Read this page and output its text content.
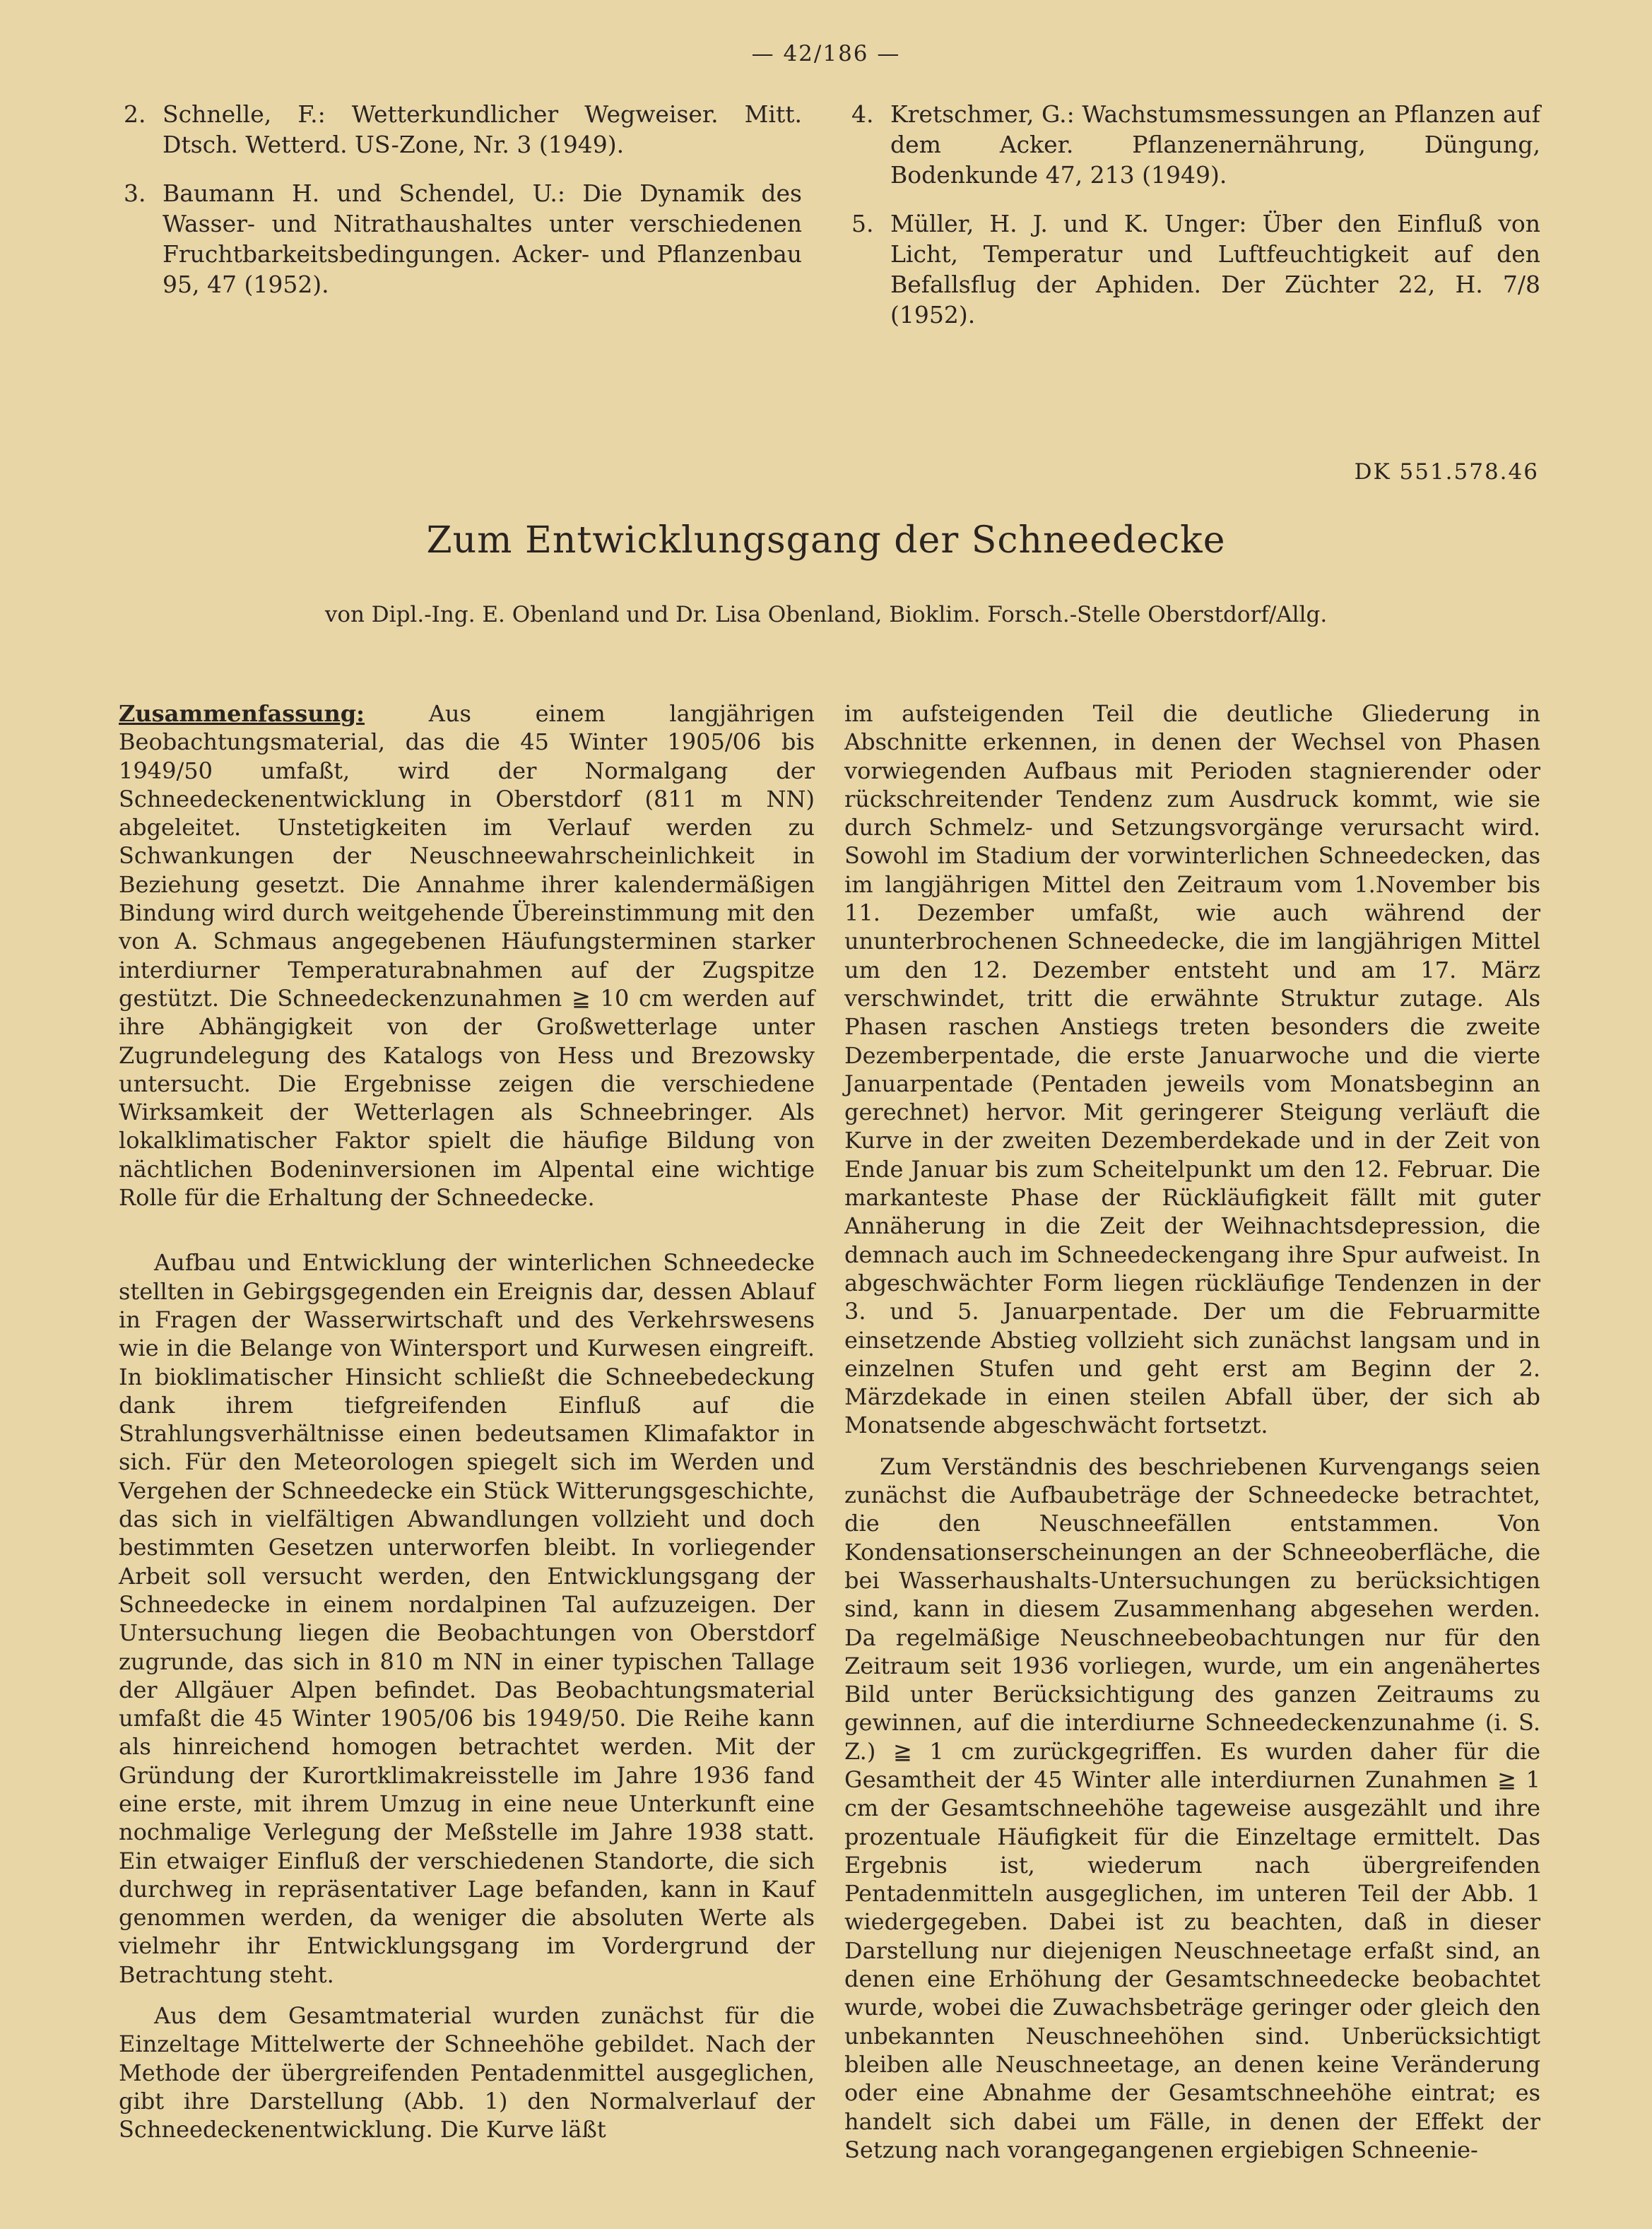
— 42/186 —
2. Schnelle, F.: Wetterkundlicher Wegweiser. Mitt. Dtsch. Wetterd. US-Zone, Nr. 3 (1949).
3. Baumann H. und Schendel, U.: Die Dynamik des Wasser- und Nitrathaushaltes unter verschiedenen Fruchtbarkeitsbedingungen. Acker- und Pflanzenbau 95, 47 (1952).
4. Kretschmer, G.: Wachstumsmessungen an Pflanzen auf dem Acker. Pflanzenernährung, Düngung, Bodenkunde 47, 213 (1949).
5. Müller, H. J. und K. Unger: Über den Einfluß von Licht, Temperatur und Luftfeuchtigkeit auf den Befallsflug der Aphiden. Der Züchter 22, H. 7/8 (1952).
DK 551.578.46
Zum Entwicklungsgang der Schneedecke
von Dipl.-Ing. E. Obenland und Dr. Lisa Obenland, Bioklim. Forsch.-Stelle Oberstdorf/Allg.

Zusammenfassung: Aus einem langjährigen Beobachtungsmaterial, das die 45 Winter 1905/06 bis 1949/50 umfaßt, wird der Normalgang der Schneedeckenentwicklung in Oberstdorf (811 m NN) abgeleitet. Unstetigkeiten im Verlauf werden zu Schwankungen der Neuschneewahrscheinlichkeit in Beziehung gesetzt. Die Annahme ihrer kalendermäßigen Bindung wird durch weitgehende Übereinstimmung mit den von A. Schmaus angegebenen Häufungsterminen starker interdiurner Temperaturabnahmen auf der Zugspitze gestützt. Die Schneedeckenzunahmen ≧ 10 cm werden auf ihre Abhängigkeit von der Großwetterlage unter Zugrundelegung des Katalogs von Hess und Brezowsky untersucht. Die Ergebnisse zeigen die verschiedene Wirksamkeit der Wetterlagen als Schneebringer. Als lokalklimatischer Faktor spielt die häufige Bildung von nächtlichen Bodeninversionen im Alpental eine wichtige Rolle für die Erhaltung der Schneedecke.

Aufbau und Entwicklung der winterlichen Schneedecke stellten in Gebirgsgegenden ein Ereignis dar, dessen Ablauf in Fragen der Wasserwirtschaft und des Verkehrswesens wie in die Belange von Wintersport und Kurwesen eingreift. In bioklimatischer Hinsicht schließt die Schneebedeckung dank ihrem tiefgreifenden Einfluß auf die Strahlungsverhältnisse einen bedeutsamen Klimafaktor in sich. Für den Meteorologen spiegelt sich im Werden und Vergehen der Schneedecke ein Stück Witterungsgeschichte, das sich in vielfältigen Abwandlungen vollzieht und doch bestimmten Gesetzen unterworfen bleibt. In vorliegender Arbeit soll versucht werden, den Entwicklungsgang der Schneedecke in einem nordalpinen Tal aufzuzeigen. Der Untersuchung liegen die Beobachtungen von Oberstdorf zugrunde, das sich in 810 m NN in einer typischen Tallage der Allgäuer Alpen befindet. Das Beobachtungsmaterial umfaßt die 45 Winter 1905/06 bis 1949/50. Die Reihe kann als hinreichend homogen betrachtet werden. Mit der Gründung der Kurortklimakreisstelle im Jahre 1936 fand eine erste, mit ihrem Umzug in eine neue Unterkunft eine nochmalige Verlegung der Meßstelle im Jahre 1938 statt. Ein etwaiger Einfluß der verschiedenen Standorte, die sich durchweg in repräsentativer Lage befanden, kann in Kauf genommen werden, da weniger die absoluten Werte als vielmehr ihr Entwicklungsgang im Vordergrund der Betrachtung steht.

Aus dem Gesamtmaterial wurden zunächst für die Einzeltage Mittelwerte der Schneehöhe gebildet. Nach der Methode der übergreifenden Pentadenmittel ausgeglichen, gibt ihre Darstellung (Abb. 1) den Normalverlauf der Schneedeckenentwicklung. Die Kurve läßt

im aufsteigenden Teil die deutliche Gliederung in Abschnitte erkennen, in denen der Wechsel von Phasen vorwiegenden Aufbaus mit Perioden stagnierender oder rückschreitender Tendenz zum Ausdruck kommt, wie sie durch Schmelz- und Setzungsvorgänge verursacht wird. Sowohl im Stadium der vorwinterlichen Schneedecken, das im langjährigen Mittel den Zeitraum vom 1.November bis 11. Dezember umfaßt, wie auch während der ununterbrochenen Schneedecke, die im langjährigen Mittel um den 12. Dezember entsteht und am 17. März verschwindet, tritt die erwähnte Struktur zutage. Als Phasen raschen Anstiegs treten besonders die zweite Dezemberpentade, die erste Januarwoche und die vierte Januarpentade (Pentaden jeweils vom Monatsbeginn an gerechnet) hervor. Mit geringerer Steigung verläuft die Kurve in der zweiten Dezemberdekade und in der Zeit von Ende Januar bis zum Scheitelpunkt um den 12. Februar. Die markanteste Phase der Rückläufigkeit fällt mit guter Annäherung in die Zeit der Weihnachtsdepression, die demnach auch im Schneedeckengang ihre Spur aufweist. In abgeschwächter Form liegen rückläufige Tendenzen in der 3. und 5. Januarpentade. Der um die Februarmitte einsetzende Abstieg vollzieht sich zunächst langsam und in einzelnen Stufen und geht erst am Beginn der 2. Märzdekade in einen steilen Abfall über, der sich ab Monatsende abgeschwächt fortsetzt.

Zum Verständnis des beschriebenen Kurvengangs seien zunächst die Aufbaubeträge der Schneedecke betrachtet, die den Neuschneefällen entstammen. Von Kondensationserscheinungen an der Schneeoberfläche, die bei Wasserhaushalts-Untersuchungen zu berücksichtigen sind, kann in diesem Zusammenhang abgesehen werden. Da regelmäßige Neuschneebeobachtungen nur für den Zeitraum seit 1936 vorliegen, wurde, um ein angenähertes Bild unter Berücksichtigung des ganzen Zeitraums zu gewinnen, auf die interdiurne Schneedeckenzunahme (i. S. Z.) ≧ 1 cm zurückgegriffen. Es wurden daher für die Gesamtheit der 45 Winter alle interdiurnen Zunahmen ≧ 1 cm der Gesamtschneehöhe tageweise ausgezählt und ihre prozentuale Häufigkeit für die Einzeltage ermittelt. Das Ergebnis ist, wiederum nach übergreifenden Pentadenmitteln ausgeglichen, im unteren Teil der Abb. 1 wiedergegeben. Dabei ist zu beachten, daß in dieser Darstellung nur diejenigen Neuschneetage erfaßt sind, an denen eine Erhöhung der Gesamtschneedecke beobachtet wurde, wobei die Zuwachsbeträge geringer oder gleich den unbekannten Neuschneehöhen sind. Unberücksichtigt bleiben alle Neuschneetage, an denen keine Veränderung oder eine Abnahme der Gesamtschneehöhe eintrat; es handelt sich dabei um Fälle, in denen der Effekt der Setzung nach vorangegangenen ergiebigen Schneenie-
